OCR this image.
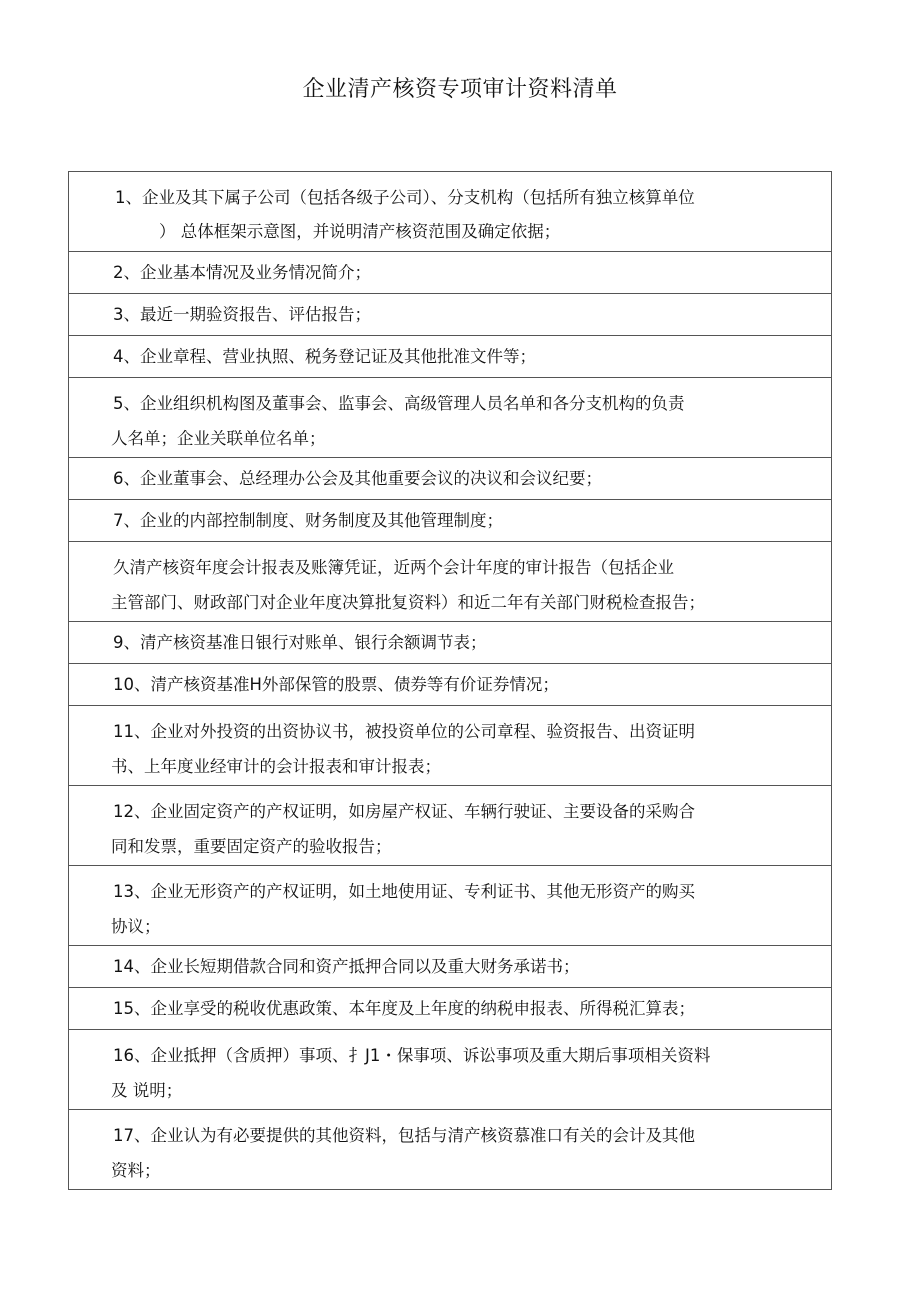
企业清产核资专项审计资料清单
1、企业及其下属子公司（包括各级子公司）、分支机构（包括所有独立核算单位
） 总体框架示意图，并说明清产核资范围及确定依据；
2、企业基本情况及业务情况简介；
3、最近一期验资报告、评估报告；
4、企业章程、营业执照、税务登记证及其他批准文件等；
5、企业组织机构图及董事会、监事会、高级管理人员名单和各分支机构的负责
人名单；企业关联单位名单；
6、企业董事会、总经理办公会及其他重要会议的决议和会议纪要；
7、企业的内部控制制度、财务制度及其他管理制度；
久清产核资年度会计报表及账簿凭证，近两个会计年度的审计报告（包括企业
主管部门、财政部门对企业年度决算批复资料）和近二年有关部门财税检查报告；
9、清产核资基准日银行对账单、银行余额调节表；
10、清产核资基准H外部保管的股票、债券等有价证券情况；
11、企业对外投资的出资协议书，被投资单位的公司章程、验资报告、出资证明
书、上年度业经审计的会计报表和审计报表；
12、企业固定资产的产权证明，如房屋产权证、车辆行驶证、主要设备的采购合
同和发票，重要固定资产的验收报告；
13、企业无形资产的产权证明，如土地使用证、专利证书、其他无形资产的购买
协议；
14、企业长短期借款合同和资产抵押合同以及重大财务承诺书；
15、企业享受的税收优惠政策、本年度及上年度的纳税申报表、所得税汇算表；
16、企业抵押（含质押）事项、扌J1・保事项、诉讼事项及重大期后事项相关资料
及 说明；
17、企业认为有必要提供的其他资料，包括与清产核资慕准口有关的会计及其他
资料；
